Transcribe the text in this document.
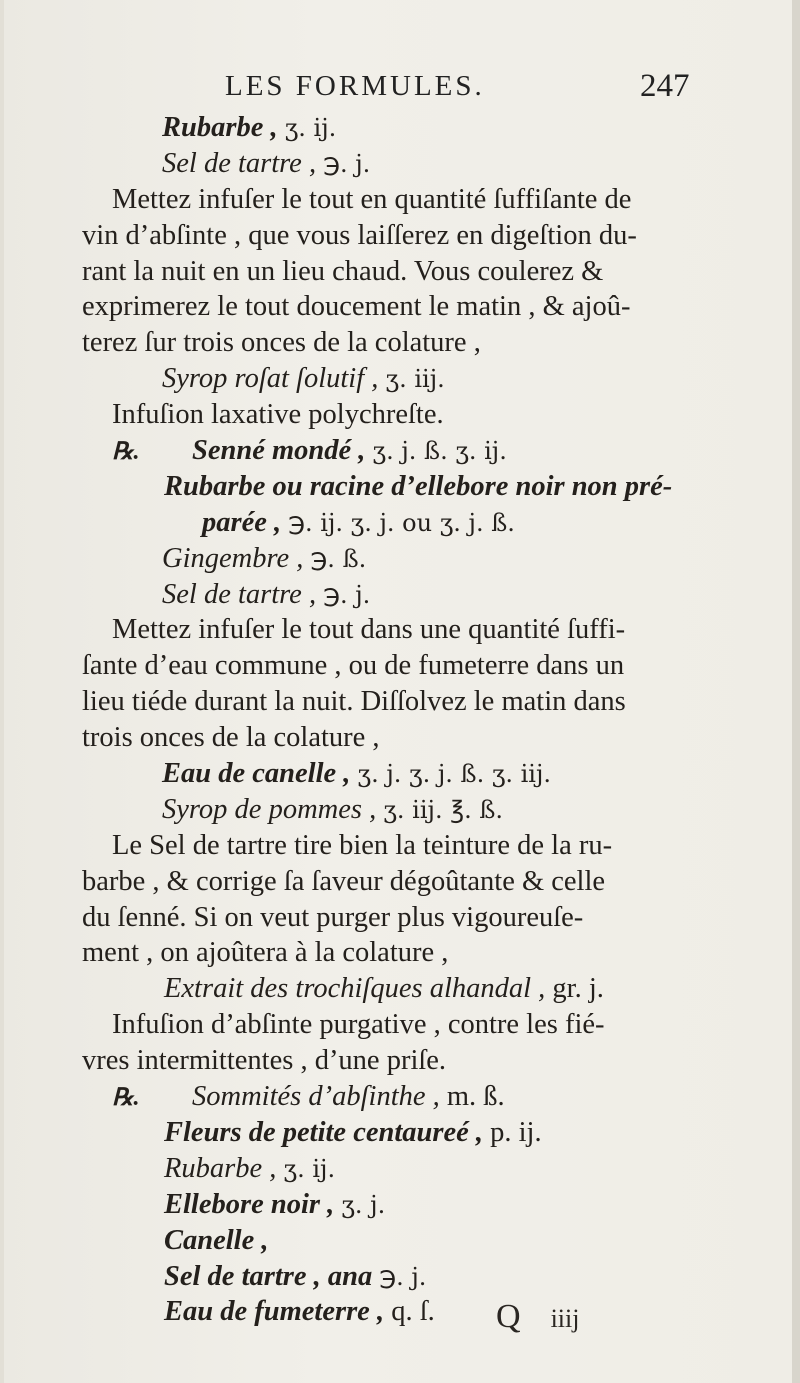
LES FORMULES.	247
Rubarbe , ʒ. ij.
Sel de tartre , ℈. j.
Mettez infuſer le tout en quantité ſuffiſante de
vin d’abſinte , que vous laiſſerez en digeſtion du-
rant la nuit en un lieu chaud. Vous coulerez &
exprimerez le tout doucement le matin , & ajoû-
terez ſur trois onces de la colature ,
Syrop roſat ſolutif , ʒ. iij.
Infuſion laxative polychreſte.
℞. Senné mondé , ʒ. j. ß. ʒ. ij.
Rubarbe ou racine d’ellebore noir non pré-
parée , ℈. ij. ʒ. j. ou ʒ. j. ß.
Gingembre , ℈. ß.
Sel de tartre , ℈. j.
Mettez infuſer le tout dans une quantité ſuffi-
ſante d’eau commune , ou de fumeterre dans un
lieu tiéde durant la nuit. Diſſolvez le matin dans
trois onces de la colature ,
Eau de canelle , ʒ. j. ʒ. j. ß. ʒ. iij.
Syrop de pommes , ʒ. iij. ℥. ß.
Le Sel de tartre tire bien la teinture de la ru-
barbe , & corrige ſa ſaveur dégoûtante & celle
du ſenné. Si on veut purger plus vigoureuſe-
ment , on ajoûtera à la colature ,
Extrait des trochiſques alhandal , gr. j.
Infuſion d’abſinte purgative , contre les fié-
vres intermittentes , d’une priſe.
℞. Sommités d’abſinthe , m. ß.
Fleurs de petite centaureé , p. ij.
Rubarbe , ʒ. ij.
Ellebore noir , ʒ. j.
Canelle ,
Sel de tartre , ana ℈. j.
Eau de fumeterre , q. ſ.	Q iiij
